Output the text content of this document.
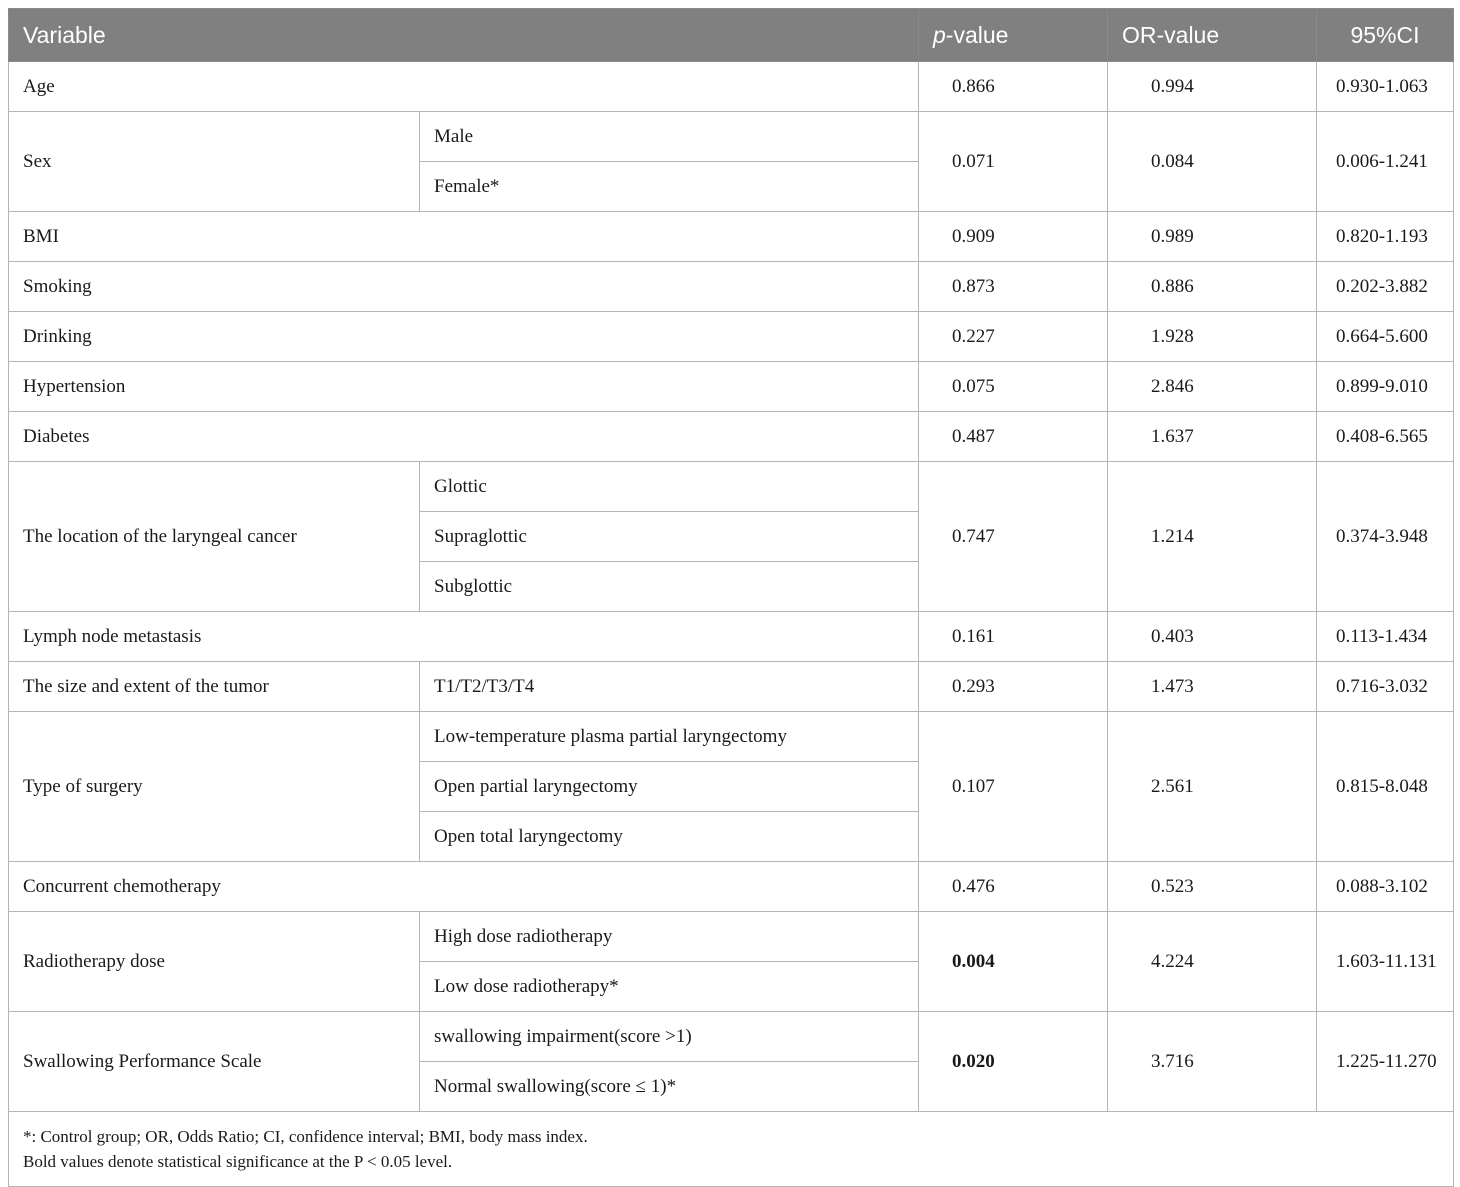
Variable		p-value	OR-value	95%CI
Age		0.866	0.994	0.930-1.063
Sex	Male	0.071	0.084	0.006-1.241
	Female*			
BMI		0.909	0.989	0.820-1.193
Smoking		0.873	0.886	0.202-3.882
Drinking		0.227	1.928	0.664-5.600
Hypertension		0.075	2.846	0.899-9.010
Diabetes		0.487	1.637	0.408-6.565
The location of the laryngeal cancer	Glottic	0.747	1.214	0.374-3.948
	Supraglottic			
	Subglottic			
Lymph node metastasis		0.161	0.403	0.113-1.434
The size and extent of the tumor	T1/T2/T3/T4	0.293	1.473	0.716-3.032
Type of surgery	Low-temperature plasma partial laryngectomy	0.107	2.561	0.815-8.048
	Open partial laryngectomy			
	Open total laryngectomy			
Concurrent chemotherapy		0.476	0.523	0.088-3.102
Radiotherapy dose	High dose radiotherapy	0.004	4.224	1.603-11.131
	Low dose radiotherapy*			
Swallowing Performance Scale	swallowing impairment(score >1)	0.020	3.716	1.225-11.270
	Normal swallowing(score ≤ 1)*			

*: Control group; OR, Odds Ratio; CI, confidence interval; BMI, body mass index.
Bold values denote statistical significance at the P < 0.05 level.				
